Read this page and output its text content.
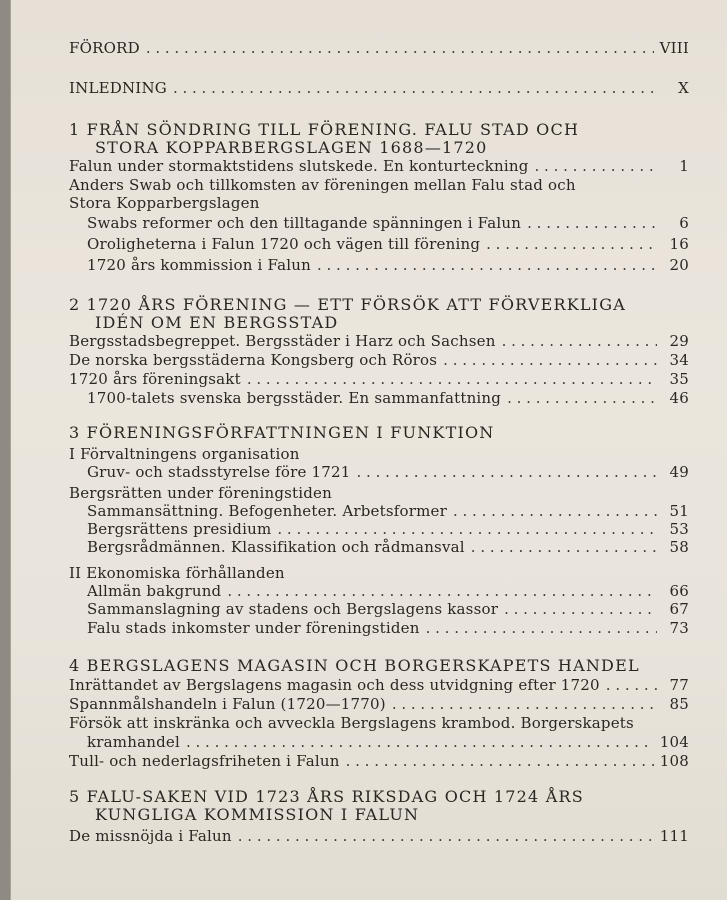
FÖRORD . . .	VIII
INLEDNING . . .	X
1 FRÅN SÖNDRING TILL FÖRENING. FALU STAD OCH
STORA KOPPARBERGSLAGEN 1688—1720
Falun under stormaktstidens slutskede. En konturteckning . . .	1
Anders Swab och tillkomsten av föreningen mellan Falu stad och
Stora Kopparbergslagen
Swabs reformer och den tilltagande spänningen i Falun . . .	6
Oroligheterna i Falun 1720 och vägen till förening . . .	16
1720 års kommission i Falun . . .	20
2 1720 ÅRS FÖRENING — ETT FÖRSÖK ATT FÖRVERKLIGA
IDÉN OM EN BERGSSTAD
Bergsstadsbegreppet. Bergsstäder i Harz och Sachsen . . .	29
De norska bergsstäderna Kongsberg och Röros . . .	34
1720 års föreningsakt . . .	35
1700-talets svenska bergsstäder. En sammanfattning . . .	46
3 FÖRENINGSFÖRFATTNINGEN I FUNKTION
I Förvaltningens organisation
Gruv- och stadsstyrelse före 1721 . . .	49
Bergsrätten under föreningstiden
Sammansättning. Befogenheter. Arbetsformer . . .	51
Bergsrättens presidium . . .	53
Bergsrådmännen. Klassifikation och rådmansval . . .	58
II Ekonomiska förhållanden
Allmän bakgrund . . .	66
Sammanslagning av stadens och Bergslagens kassor . . .	67
Falu stads inkomster under föreningstiden . . .	73
4 BERGSLAGENS MAGASIN OCH BORGERSKAPETS HANDEL
Inrättandet av Bergslagens magasin och dess utvidgning efter 1720 . . .	77
Spannmålshandeln i Falun (1720—1770) . . .	85
Försök att inskränka och avveckla Bergslagens krambod. Borgerskapets
kramhandel . . .	104
Tull- och nederlagsfriheten i Falun . . .	108
5 FALU-SAKEN VID 1723 ÅRS RIKSDAG OCH 1724 ÅRS
KUNGLIGA KOMMISSION I FALUN
De missnöjda i Falun . . .	111
